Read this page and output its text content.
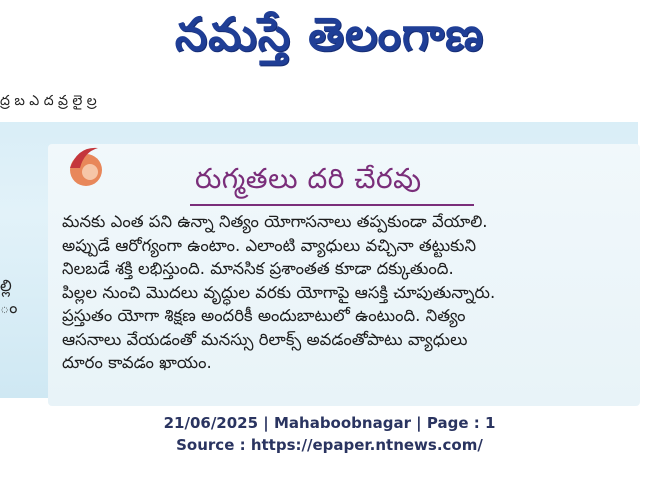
నమస్తే తెలంగాణ
ద్ర బ ఎ ద వ్ర లై ల్ర
ల్లి
ం
రుగ్మతలు దరి చేరవు
మనకు ఎంత పని ఉన్నా నిత్యం యోగాసనాలు తప్పకుండా వేయాలి.
అప్పుడే ఆరోగ్యంగా ఉంటాం. ఎలాంటి వ్యాధులు వచ్చినా తట్టుకుని
నిలబడే శక్తి లభిస్తుంది. మానసిక ప్రశాంతత కూడా దక్కుతుంది.
పిల్లల నుంచి మొదలు వృద్ధుల వరకు యోగాపై ఆసక్తి చూపుతున్నారు.
ప్రస్తుతం యోగా శిక్షణ అందరికీ అందుబాటులో ఉంటుంది. నిత్యం
ఆసనాలు వేయడంతో మనస్సు రిలాక్స్ అవడంతోపాటు వ్యాధులు
దూరం కావడం ఖాయం.
21/06/2025 | Mahaboobnagar | Page : 1
Source : https://epaper.ntnews.com/
